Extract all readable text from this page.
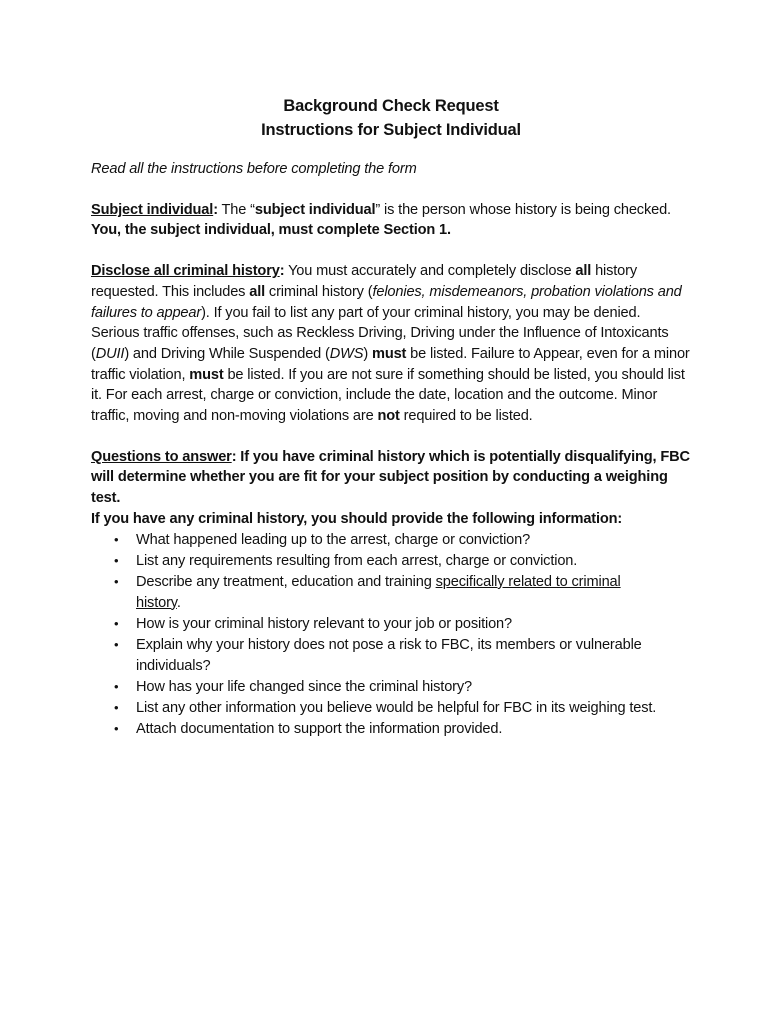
Background Check Request

Instructions for Subject Individual

Read all the instructions before completing the form

Subject individual: The “subject individual” is the person whose history is being checked. You, the subject individual, must complete Section 1.

Disclose all criminal history: You must accurately and completely disclose all history requested. This includes all criminal history (felonies, misdemeanors, probation violations and failures to appear). If you fail to list any part of your criminal history, you may be denied. Serious traffic offenses, such as Reckless Driving, Driving under the Influence of Intoxicants (DUII) and Driving While Suspended (DWS) must be listed. Failure to Appear, even for a minor traffic violation, must be listed. If you are not sure if something should be listed, you should list it. For each arrest, charge or conviction, include the date, location and the outcome. Minor traffic, moving and non-moving violations are not required to be listed.

Questions to answer: If you have criminal history which is potentially disqualifying, FBC will determine whether you are fit for your subject position by conducting a weighing test.

If you have any criminal history, you should provide the following information:

• What happened leading up to the arrest, charge or conviction?
• List any requirements resulting from each arrest, charge or conviction.
• Describe any treatment, education and training specifically related to criminal history.
• How is your criminal history relevant to your job or position?
• Explain why your history does not pose a risk to FBC, its members or vulnerable individuals?
• How has your life changed since the criminal history?
• List any other information you believe would be helpful for FBC in its weighing test.
• Attach documentation to support the information provided.
